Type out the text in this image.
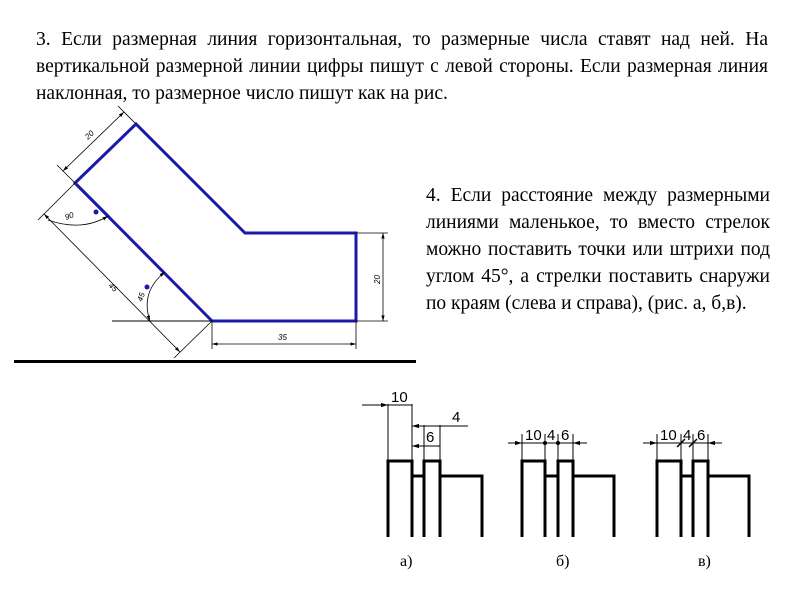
3. Если размерная линия горизонтальная, то размерные числа ставят над ней. На вертикальной размерной линии цифры пишут с левой стороны. Если размерная линия наклонная, то размерное число пишут как на рис.
4. Если расстояние между размерными линиями маленькое, то вместо стрелок можно поставить точки или штрихи под углом 45°, а стрелки поставить снаружи по краям (слева и справа), (рис. а, б,в).
20
45
90
45
20
35
10
4
6
а)
10 4 6
б)
10 4 6
в)
